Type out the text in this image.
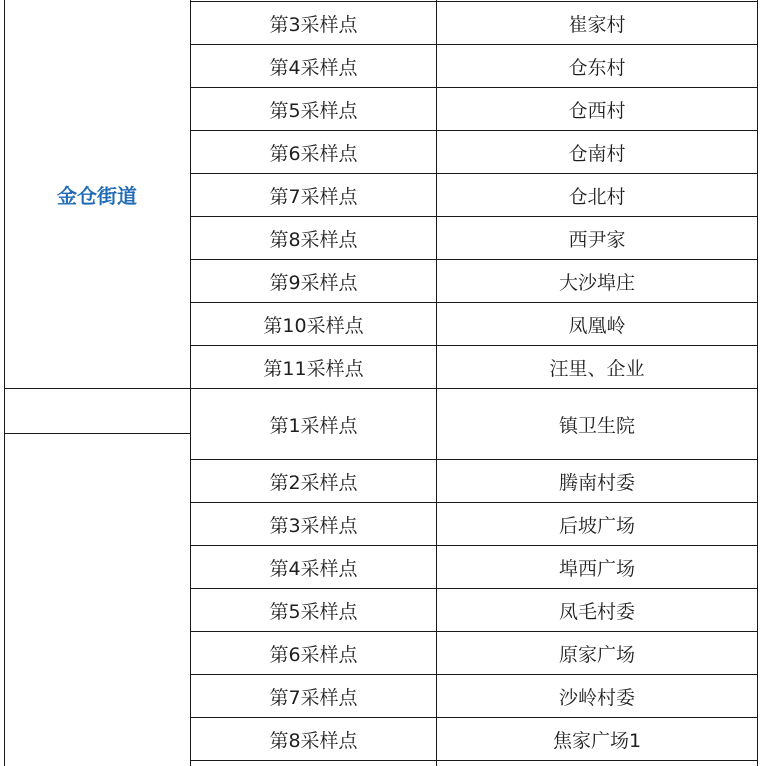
金仓街道
第3采样点	崔家村
第4采样点	仓东村
第5采样点	仓西村
第6采样点	仓南村
第7采样点	仓北村
第8采样点	西尹家
第9采样点	大沙埠庄
第10采样点	凤凰岭
第11采样点	汪里、企业
第1采样点	镇卫生院
第2采样点	腾南村委
第3采样点	后坡广场
第4采样点	埠西广场
第5采样点	凤毛村委
第6采样点	原家广场
第7采样点	沙岭村委
第8采样点	焦家广场1
